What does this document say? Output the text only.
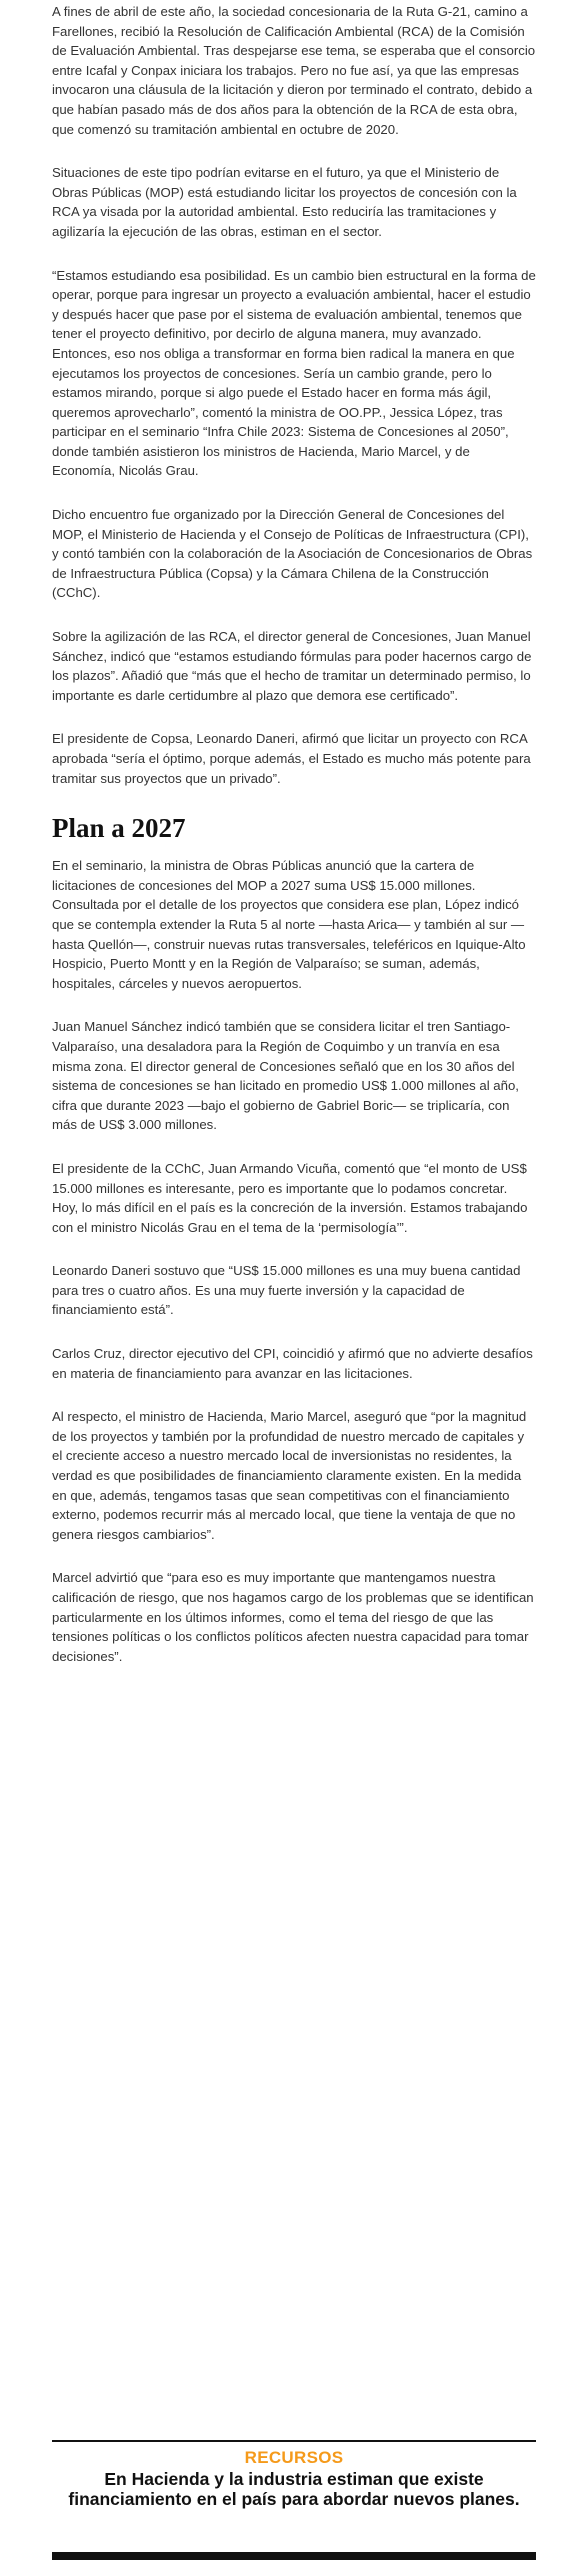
A fines de abril de este año, la sociedad concesionaria de la Ruta G-21, camino a Farellones, recibió la Resolución de Calificación Ambiental (RCA) de la Comisión de Evaluación Ambiental. Tras despejarse ese tema, se esperaba que el consorcio entre Icafal y Conpax iniciara los trabajos. Pero no fue así, ya que las empresas invocaron una cláusula de la licitación y dieron por terminado el contrato, debido a que habían pasado más de dos años para la obtención de la RCA de esta obra, que comenzó su tramitación ambiental en octubre de 2020.

Situaciones de este tipo podrían evitarse en el futuro, ya que el Ministerio de Obras Públicas (MOP) está estudiando licitar los proyectos de concesión con la RCA ya visada por la autoridad ambiental. Esto reduciría las tramitaciones y agilizaría la ejecución de las obras, estiman en el sector.

“Estamos estudiando esa posibilidad. Es un cambio bien estructural en la forma de operar, porque para ingresar un proyecto a evaluación ambiental, hacer el estudio y después hacer que pase por el sistema de evaluación ambiental, tenemos que tener el proyecto definitivo, por decirlo de alguna manera, muy avanzado. Entonces, eso nos obliga a transformar en forma bien radical la manera en que ejecutamos los proyectos de concesiones. Sería un cambio grande, pero lo estamos mirando, porque si algo puede el Estado hacer en forma más ágil, queremos aprovecharlo”, comentó la ministra de OO.PP., Jessica López, tras participar en el seminario “Infra Chile 2023: Sistema de Concesiones al 2050”, donde también asistieron los ministros de Hacienda, Mario Marcel, y de Economía, Nicolás Grau.

Dicho encuentro fue organizado por la Dirección General de Concesiones del MOP, el Ministerio de Hacienda y el Consejo de Políticas de Infraestructura (CPI), y contó también con la colaboración de la Asociación de Concesionarios de Obras de Infraestructura Pública (Copsa) y la Cámara Chilena de la Construcción (CChC).

Sobre la agilización de las RCA, el director general de Concesiones, Juan Manuel Sánchez, indicó que “estamos estudiando fórmulas para poder hacernos cargo de los plazos”. Añadió que “más que el hecho de tramitar un determinado permiso, lo importante es darle certidumbre al plazo que demora ese certificado”.

El presidente de Copsa, Leonardo Daneri, afirmó que licitar un proyecto con RCA aprobada “sería el óptimo, porque además, el Estado es mucho más potente para tramitar sus proyectos que un privado”.

Plan a 2027

En el seminario, la ministra de Obras Públicas anunció que la cartera de licitaciones de concesiones del MOP a 2027 suma US$ 15.000 millones. Consultada por el detalle de los proyectos que considera ese plan, López indicó que se contempla extender la Ruta 5 al norte —hasta Arica— y también al sur —hasta Quellón—, construir nuevas rutas transversales, teleféricos en Iquique-Alto Hospicio, Puerto Montt y en la Región de Valparaíso; se suman, además, hospitales, cárceles y nuevos aeropuertos.

Juan Manuel Sánchez indicó también que se considera licitar el tren Santiago-Valparaíso, una desaladora para la Región de Coquimbo y un tranvía en esa misma zona. El director general de Concesiones señaló que en los 30 años del sistema de concesiones se han licitado en promedio US$ 1.000 millones al año, cifra que durante 2023 —bajo el gobierno de Gabriel Boric— se triplicaría, con más de US$ 3.000 millones.

El presidente de la CChC, Juan Armando Vicuña, comentó que “el monto de US$ 15.000 millones es interesante, pero es importante que lo podamos concretar. Hoy, lo más difícil en el país es la concreción de la inversión. Estamos trabajando con el ministro Nicolás Grau en el tema de la ‘permisología’”.

Leonardo Daneri sostuvo que “US$ 15.000 millones es una muy buena cantidad para tres o cuatro años. Es una muy fuerte inversión y la capacidad de financiamiento está”.

Carlos Cruz, director ejecutivo del CPI, coincidió y afirmó que no advierte desafíos en materia de financiamiento para avanzar en las licitaciones.

Al respecto, el ministro de Hacienda, Mario Marcel, aseguró que “por la magnitud de los proyectos y también por la profundidad de nuestro mercado de capitales y el creciente acceso a nuestro mercado local de inversionistas no residentes, la verdad es que posibilidades de financiamiento claramente existen. En la medida en que, además, tengamos tasas que sean competitivas con el financiamiento externo, podemos recurrir más al mercado local, que tiene la ventaja de que no genera riesgos cambiarios”.

Marcel advirtió que “para eso es muy importante que mantengamos nuestra calificación de riesgo, que nos hagamos cargo de los problemas que se identifican particularmente en los últimos informes, como el tema del riesgo de que las tensiones políticas o los conflictos políticos afecten nuestra capacidad para tomar decisiones”.

RECURSOS
En Hacienda y la industria estiman que existe financiamiento en el país para abordar nuevos planes.
